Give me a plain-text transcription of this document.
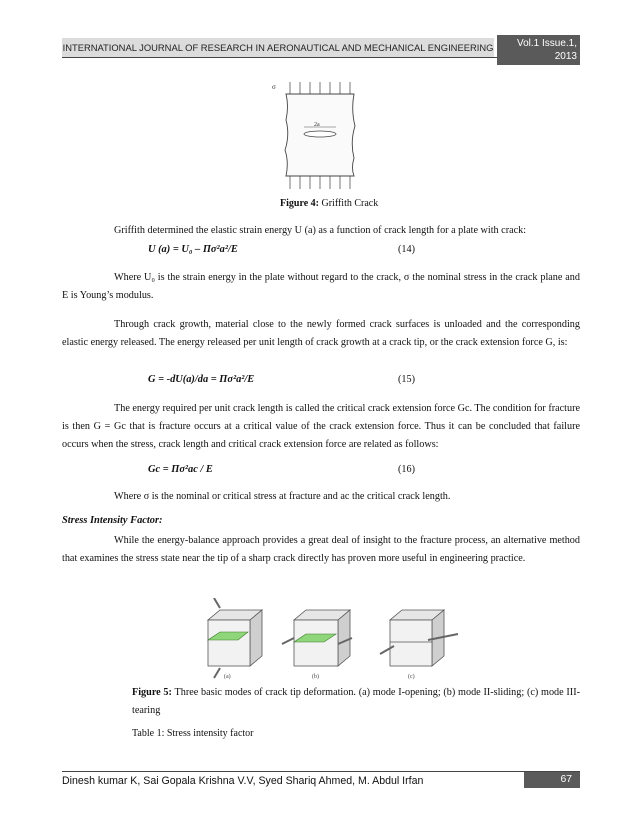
INTERNATIONAL JOURNAL OF RESEARCH IN AERONAUTICAL AND MECHANICAL ENGINEERING	Vol.1 Issue.1, 2013
Pg: 53-93
σ
2a
Figure 4: Griffith Crack
Griffith determined the elastic strain energy U (a) as a function of crack length for a plate with crack:
U (a) = U₀ – Πσ²a²/E	(14)
Where U₀ is the strain energy in the plate without regard to the crack, σ the nominal stress in the crack plane and E is Young’s modulus.
Through crack growth, material close to the newly formed crack surfaces is unloaded and the corresponding elastic energy released. The energy released per unit length of crack growth at a crack tip, or the crack extension force G, is:
G = -dU(a)/da = Πσ²a²/E	(15)
The energy required per unit crack length is called the critical crack extension force Gc. The condition for fracture is then G = Gc that is fracture occurs at a critical value of the crack extension force. Thus it can be concluded that failure occurs when the stress, crack length and critical crack extension force are related as follows:
Gc = Πσ²ac / E	(16)
Where σ is the nominal or critical stress at fracture and ac the critical crack length.
Stress Intensity Factor:
While the energy-balance approach provides a great deal of insight to the fracture process, an alternative method that examines the stress state near the tip of a sharp crack directly has proven more useful in engineering practice.
(a)	(b)	(c)
Figure 5: Three basic modes of crack tip deformation. (a) mode I-opening; (b) mode II-sliding; (c) mode III-tearing
Table 1: Stress intensity factor
Dinesh kumar K, Sai Gopala Krishna V.V, Syed Shariq Ahmed, M. Abdul Irfan	67
